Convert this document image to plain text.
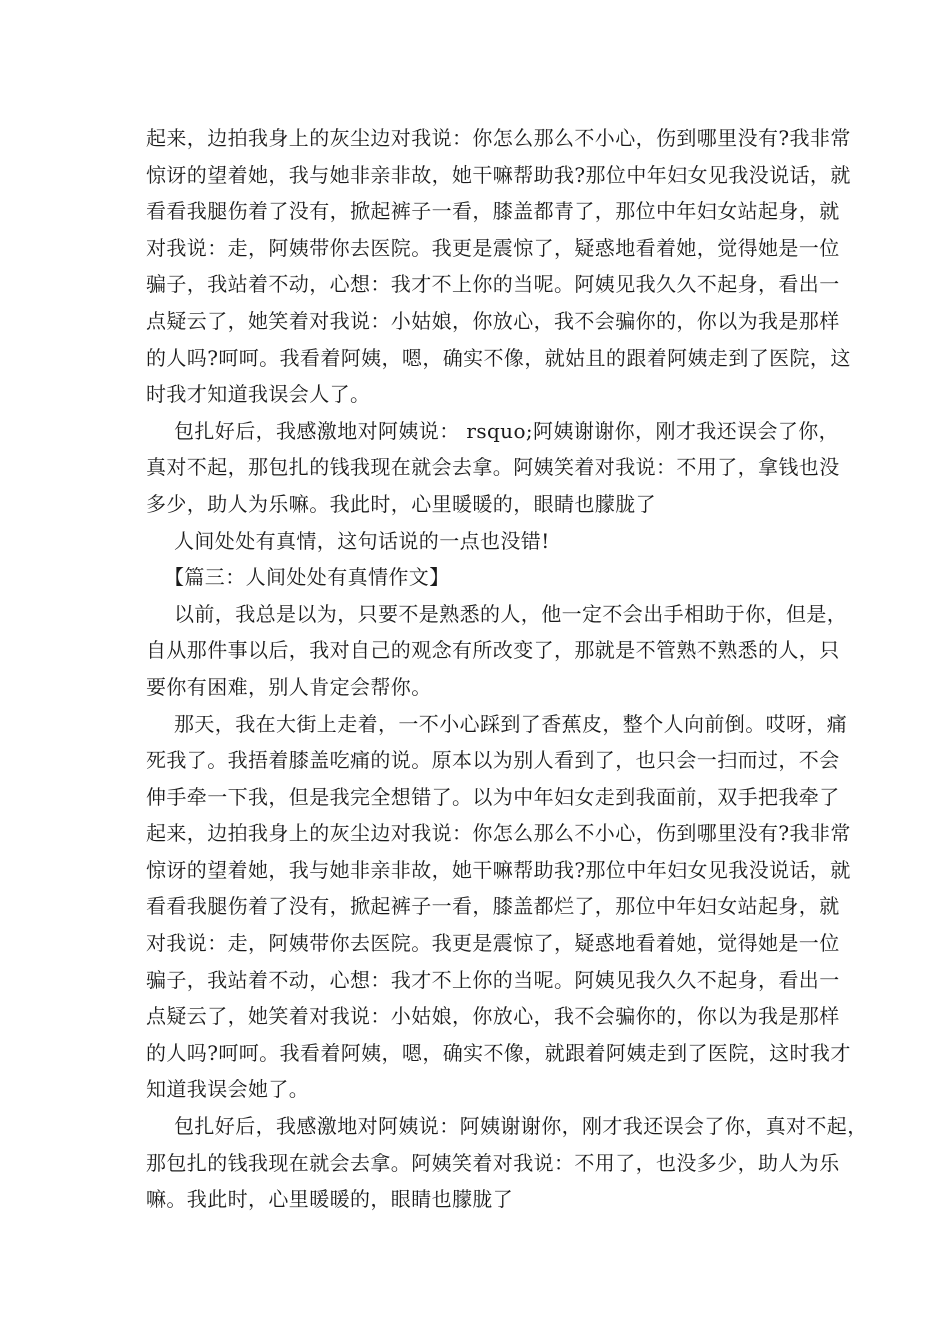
起来，边拍我身上的灰尘边对我说：你怎么那么不小心，伤到哪里没有?我非常
惊讶的望着她，我与她非亲非故，她干嘛帮助我?那位中年妇女见我没说话，就
看看我腿伤着了没有，掀起裤子一看，膝盖都青了，那位中年妇女站起身，就
对我说：走，阿姨带你去医院。我更是震惊了，疑惑地看着她，觉得她是一位
骗子，我站着不动，心想：我才不上你的当呢。阿姨见我久久不起身，看出一
点疑云了，她笑着对我说：小姑娘，你放心，我不会骗你的，你以为我是那样
的人吗?呵呵。我看着阿姨，嗯，确实不像，就姑且的跟着阿姨走到了医院，这
时我才知道我误会人了。
包扎好后，我感激地对阿姨说： rsquo;阿姨谢谢你，刚才我还误会了你，
真对不起，那包扎的钱我现在就会去拿。阿姨笑着对我说：不用了，拿钱也没
多少，助人为乐嘛。我此时，心里暖暖的，眼睛也朦胧了
人间处处有真情，这句话说的一点也没错!
【篇三：人间处处有真情作文】
以前，我总是以为，只要不是熟悉的人，他一定不会出手相助于你，但是，
自从那件事以后，我对自己的观念有所改变了，那就是不管熟不熟悉的人，只
要你有困难，别人肯定会帮你。
那天，我在大街上走着，一不小心踩到了香蕉皮，整个人向前倒。哎呀，痛
死我了。我捂着膝盖吃痛的说。原本以为别人看到了，也只会一扫而过，不会
伸手牵一下我，但是我完全想错了。以为中年妇女走到我面前，双手把我牵了
起来，边拍我身上的灰尘边对我说：你怎么那么不小心，伤到哪里没有?我非常
惊讶的望着她，我与她非亲非故，她干嘛帮助我?那位中年妇女见我没说话，就
看看我腿伤着了没有，掀起裤子一看，膝盖都烂了，那位中年妇女站起身，就
对我说：走，阿姨带你去医院。我更是震惊了，疑惑地看着她，觉得她是一位
骗子，我站着不动，心想：我才不上你的当呢。阿姨见我久久不起身，看出一
点疑云了，她笑着对我说：小姑娘，你放心，我不会骗你的，你以为我是那样
的人吗?呵呵。我看着阿姨，嗯，确实不像，就跟着阿姨走到了医院，这时我才
知道我误会她了。
包扎好后，我感激地对阿姨说：阿姨谢谢你，刚才我还误会了你，真对不起，
那包扎的钱我现在就会去拿。阿姨笑着对我说：不用了，也没多少，助人为乐
嘛。我此时，心里暖暖的，眼睛也朦胧了
